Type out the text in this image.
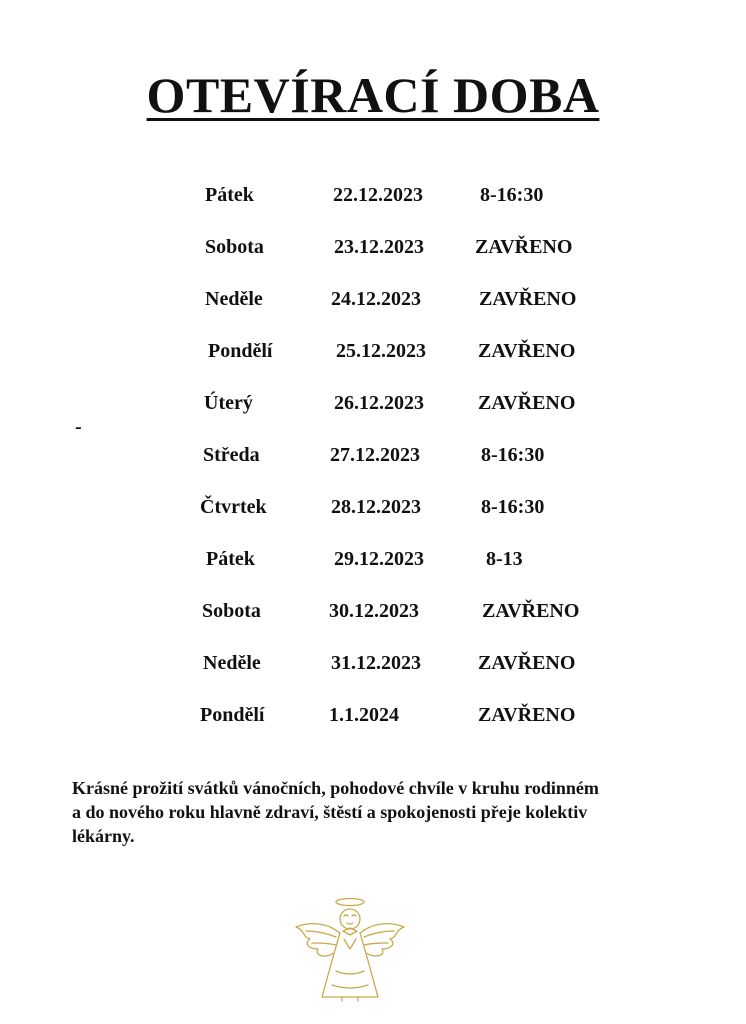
OTEVÍRACÍ DOBA
Pátek	22.12.2023	8-16:30
Sobota	23.12.2023	ZAVŘENO
Neděle	24.12.2023	ZAVŘENO
Pondělí	25.12.2023	ZAVŘENO
Úterý	26.12.2023	ZAVŘENO
-
Středa	27.12.2023	8-16:30
Čtvrtek	28.12.2023	8-16:30
Pátek	29.12.2023	8-13
Sobota	30.12.2023	ZAVŘENO
Neděle	31.12.2023	ZAVŘENO
Pondělí	1.1.2024	ZAVŘENO

Krásné prožití svátků vánočních, pohodové chvíle v kruhu rodinném
a do nového roku hlavně zdraví, štěstí a spokojenosti přeje kolektiv
lékárny.
